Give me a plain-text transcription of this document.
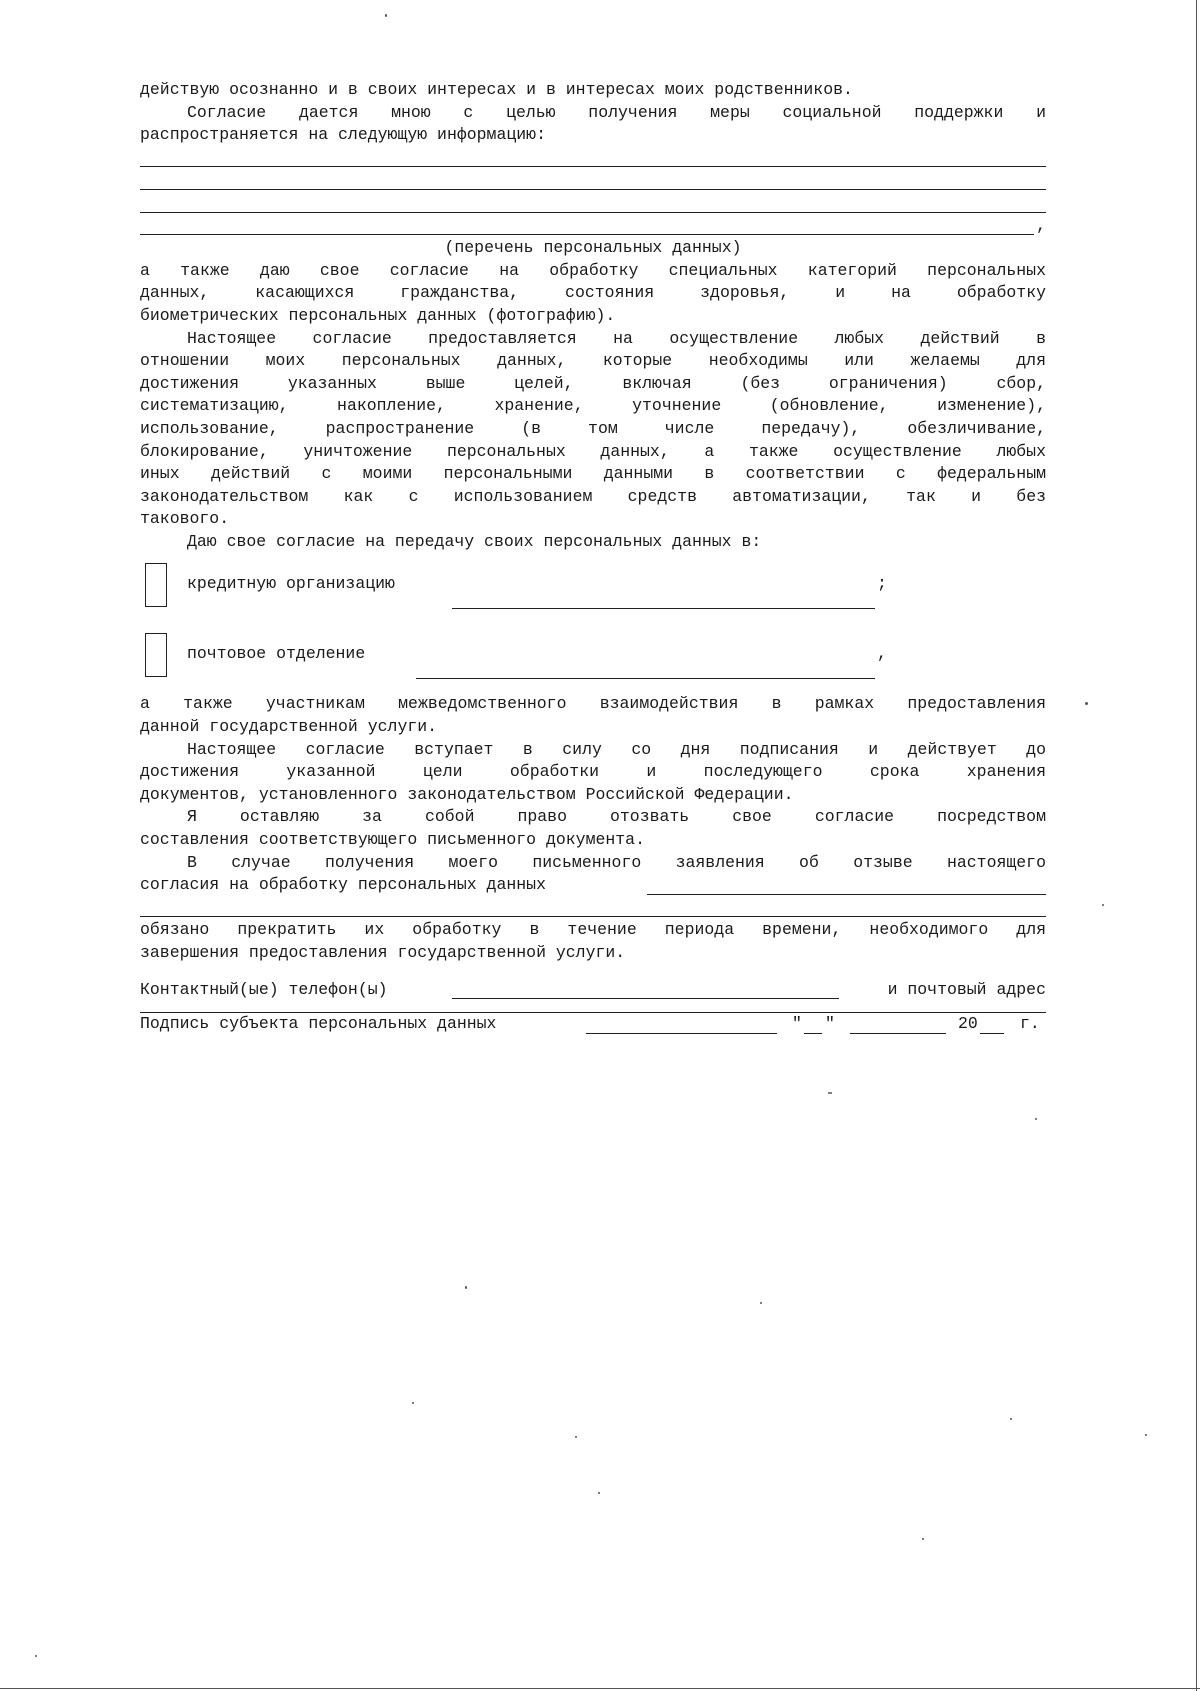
действую осознанно и в своих интересах и в интересах моих родственников.
Согласие дается мною с целью получения меры социальной поддержки и
распространяется на следующую информацию:
,
(перечень персональных данных)
а также даю свое согласие на обработку специальных категорий персональных
данных, касающихся гражданства, состояния здоровья, и на обработку
биометрических персональных данных (фотографию).
Настоящее согласие предоставляется на осуществление любых действий в
отношении моих персональных данных, которые необходимы или желаемы для
достижения указанных выше целей, включая (без ограничения) сбор,
систематизацию, накопление, хранение, уточнение (обновление, изменение),
использование, распространение (в том числе передачу), обезличивание,
блокирование, уничтожение персональных данных, а также осуществление любых
иных действий с моими персональными данными в соответствии с федеральным
законодательством как с использованием средств автоматизации, так и без
такового.
Даю свое согласие на передачу своих персональных данных в:
кредитную организацию	;
почтовое отделение	,
а также участникам межведомственного взаимодействия в рамках предоставления
данной государственной услуги.
Настоящее согласие вступает в силу со дня подписания и действует до
достижения указанной цели обработки и последующего срока хранения
документов, установленного законодательством Российской Федерации.
Я оставляю за собой право отозвать свое согласие посредством
составления соответствующего письменного документа.
В случае получения моего письменного заявления об отзыве настоящего
согласия на обработку персональных данных
обязано прекратить их обработку в течение периода времени, необходимого для
завершения предоставления государственной услуги.
Контактный(ые) телефон(ы)	и почтовый адрес
Подпись субъекта персональных данных	" "	20	г.
